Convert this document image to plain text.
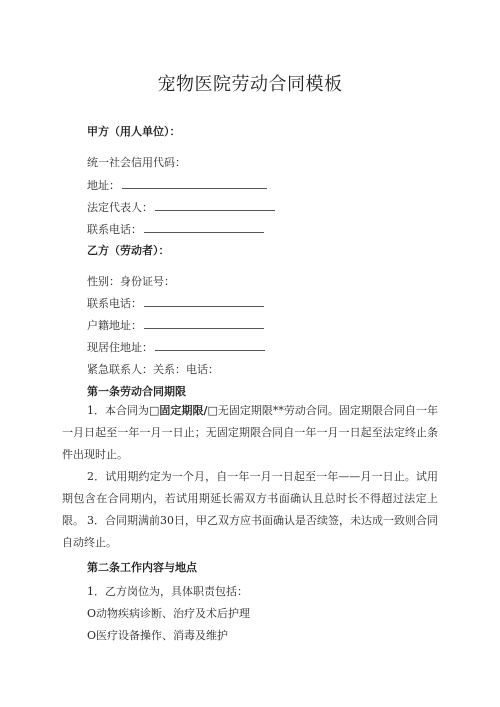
宠物医院劳动合同模板
甲方（用人单位）：
统一社会信用代码：
地址：
法定代表人：
联系电话：
乙方（劳动者）：
性别：身份证号：
联系电话：
户籍地址：
现居住地址：
紧急联系人：关系：电话：
第一条劳动合同期限
1．本合同为□固定期限/□无固定期限**劳动合同。固定期限合同自一年一月日起至一年一月一日止；无固定期限合同自一年一月一日起至法定终止条件出现时止。
2．试用期约定为一个月，自一年一月一日起至一年——月一日止。试用期包含在合同期内，若试用期延长需双方书面确认且总时长不得超过法定上限。 3．合同期满前30日，甲乙双方应书面确认是否续签，未达成一致则合同自动终止。
第二条工作内容与地点
1．乙方岗位为，具体职责包括：
O动物疾病诊断、治疗及术后护理
O医疗设备操作、消毒及维护
